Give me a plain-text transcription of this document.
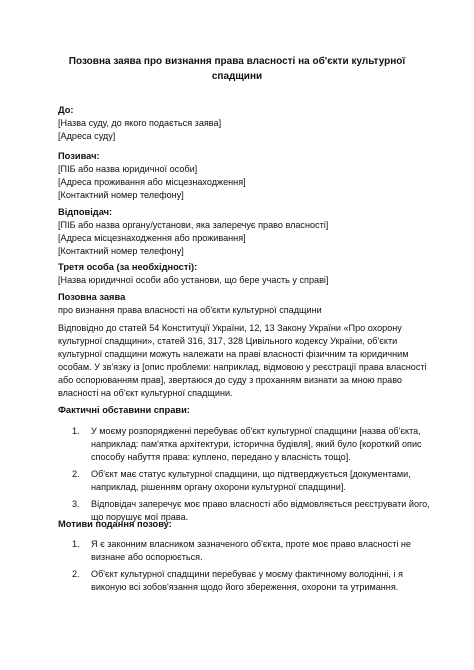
Позовна заява про визнання права власності на об'єкти культурної
спадщини
До:
[Назва суду, до якого подається заява]
[Адреса суду]
Позивач:
[ПІБ або назва юридичної особи]
[Адреса проживання або місцезнаходження]
[Контактний номер телефону]
Відповідач:
[ПІБ або назва органу/установи, яка заперечує право власності]
[Адреса місцезнаходження або проживання]
[Контактний номер телефону]
Третя особа (за необхідності):
[Назва юридичної особи або установи, що бере участь у справі]
Позовна заява
про визнання права власності на об'єкти культурної спадщини
Відповідно до статей 54 Конституції України, 12, 13 Закону України «Про охорону
культурної спадщини», статей 316, 317, 328 Цивільного кодексу України, об'єкти
культурної спадщини можуть належати на праві власності фізичним та юридичним
особам. У зв'язку із [опис проблеми: наприклад, відмовою у реєстрації права власності
або оспорюванням прав], звертаюся до суду з проханням визнати за мною право
власності на об'єкт культурної спадщини.
Фактичні обставини справи:
1. У моєму розпорядженні перебуває об'єкт культурної спадщини [назва об'єкта,
наприклад: пам'ятка архітектури, історична будівля], який було [короткий опис
способу набуття права: куплено, передано у власність тощо].
2. Об'єкт має статус культурної спадщини, що підтверджується [документами,
наприклад, рішенням органу охорони культурної спадщини].
3. Відповідач заперечує моє право власності або відмовляється реєструвати його,
що порушує мої права.
Мотиви подання позову:
1. Я є законним власником зазначеного об'єкта, проте моє право власності не
визнане або оспорюється.
2. Об'єкт культурної спадщини перебуває у моєму фактичному володінні, і я
виконую всі зобов'язання щодо його збереження, охорони та утримання.
